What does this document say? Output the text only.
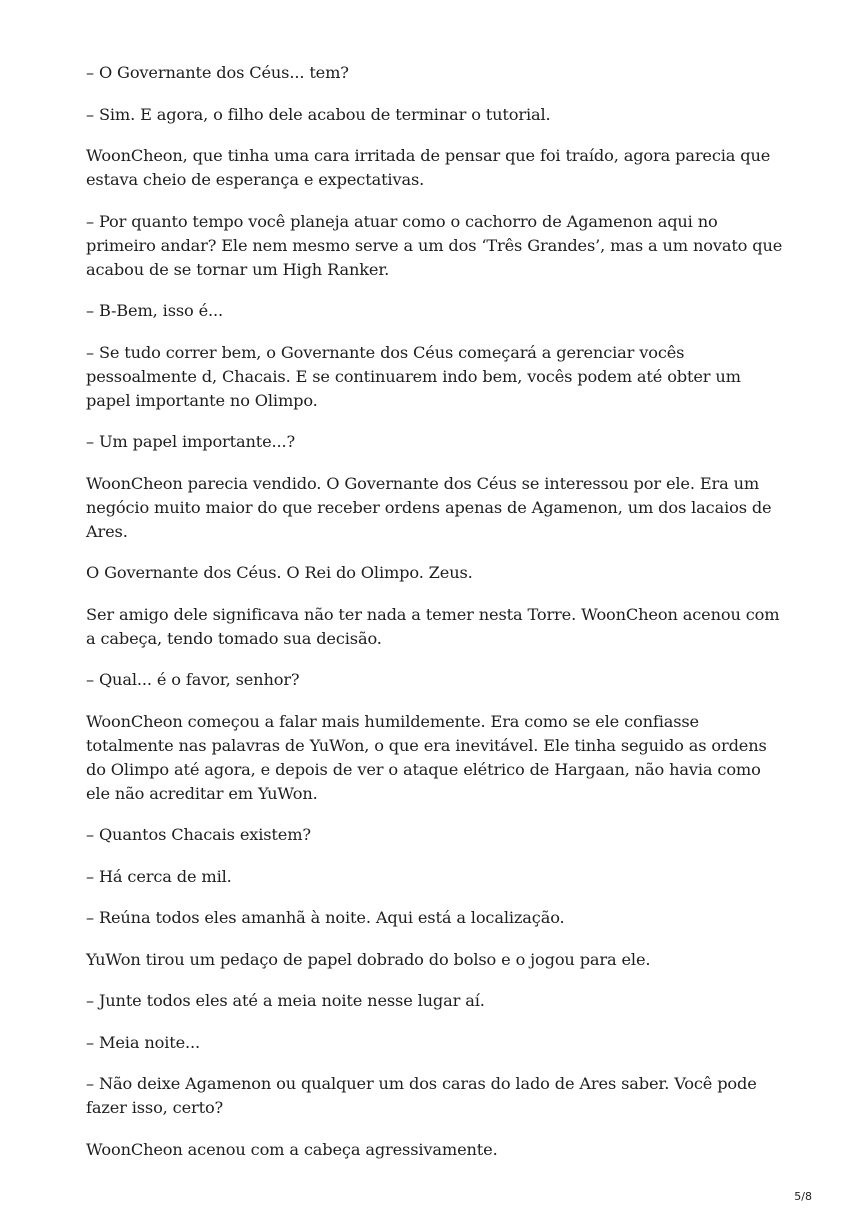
– O Governante dos Céus... tem?

– Sim. E agora, o filho dele acabou de terminar o tutorial.

WoonCheon, que tinha uma cara irritada de pensar que foi traído, agora parecia que estava cheio de esperança e expectativas.

– Por quanto tempo você planeja atuar como o cachorro de Agamenon aqui no primeiro andar? Ele nem mesmo serve a um dos ‘Três Grandes’, mas a um novato que acabou de se tornar um High Ranker.

– B-Bem, isso é...

– Se tudo correr bem, o Governante dos Céus começará a gerenciar vocês pessoalmente d, Chacais. E se continuarem indo bem, vocês podem até obter um papel importante no Olimpo.

– Um papel importante...?

WoonCheon parecia vendido. O Governante dos Céus se interessou por ele. Era um negócio muito maior do que receber ordens apenas de Agamenon, um dos lacaios de Ares.

O Governante dos Céus. O Rei do Olimpo. Zeus.

Ser amigo dele significava não ter nada a temer nesta Torre. WoonCheon acenou com a cabeça, tendo tomado sua decisão.

– Qual... é o favor, senhor?

WoonCheon começou a falar mais humildemente. Era como se ele confiasse totalmente nas palavras de YuWon, o que era inevitável. Ele tinha seguido as ordens do Olimpo até agora, e depois de ver o ataque elétrico de Hargaan, não havia como ele não acreditar em YuWon.

– Quantos Chacais existem?

– Há cerca de mil.

– Reúna todos eles amanhã à noite. Aqui está a localização.

YuWon tirou um pedaço de papel dobrado do bolso e o jogou para ele.

– Junte todos eles até a meia noite nesse lugar aí.

– Meia noite...

– Não deixe Agamenon ou qualquer um dos caras do lado de Ares saber. Você pode fazer isso, certo?

WoonCheon acenou com a cabeça agressivamente.

5/8
